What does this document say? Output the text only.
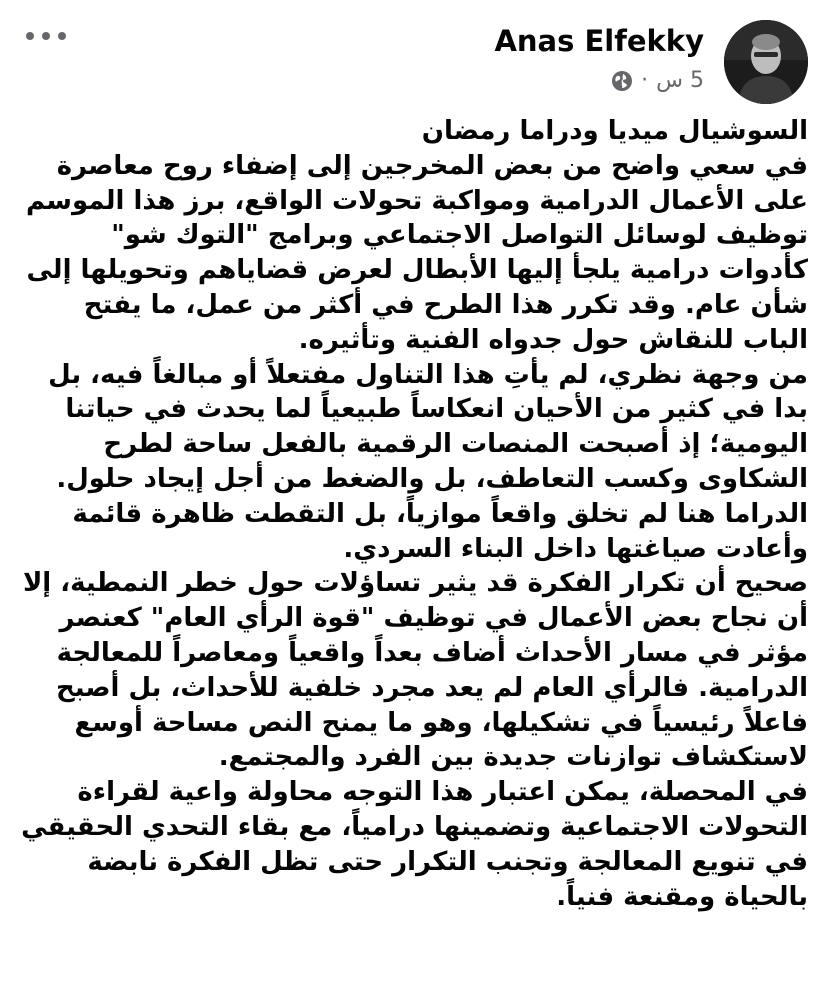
Anas Elfekky
5 س
·

السوشيال ميديا ودراما رمضان

في سعي واضح من بعض المخرجين إلى إضفاء روح معاصرة على الأعمال الدرامية ومواكبة تحولات الواقع، برز هذا الموسم توظيف لوسائل التواصل الاجتماعي وبرامج "التوك شو" كأدوات درامية يلجأ إليها الأبطال لعرض قضاياهم وتحويلها إلى شأن عام. وقد تكرر هذا الطرح في أكثر من عمل، ما يفتح الباب للنقاش حول جدواه الفنية وتأثيره.

من وجهة نظري، لم يأتِ هذا التناول مفتعلاً أو مبالغاً فيه، بل بدا في كثير من الأحيان انعكاساً طبيعياً لما يحدث في حياتنا اليومية؛ إذ أصبحت المنصات الرقمية بالفعل ساحة لطرح الشكاوى وكسب التعاطف، بل والضغط من أجل إيجاد حلول. الدراما هنا لم تخلق واقعاً موازياً، بل التقطت ظاهرة قائمة وأعادت صياغتها داخل البناء السردي.

صحيح أن تكرار الفكرة قد يثير تساؤلات حول خطر النمطية، إلا أن نجاح بعض الأعمال في توظيف "قوة الرأي العام" كعنصر مؤثر في مسار الأحداث أضاف بعداً واقعياً ومعاصراً للمعالجة الدرامية. فالرأي العام لم يعد مجرد خلفية للأحداث، بل أصبح فاعلاً رئيسياً في تشكيلها، وهو ما يمنح النص مساحة أوسع لاستكشاف توازنات جديدة بين الفرد والمجتمع.

في المحصلة، يمكن اعتبار هذا التوجه محاولة واعية لقراءة التحولات الاجتماعية وتضمينها درامياً، مع بقاء التحدي الحقيقي في تنويع المعالجة وتجنب التكرار حتى تظل الفكرة نابضة بالحياة ومقنعة فنياً.
